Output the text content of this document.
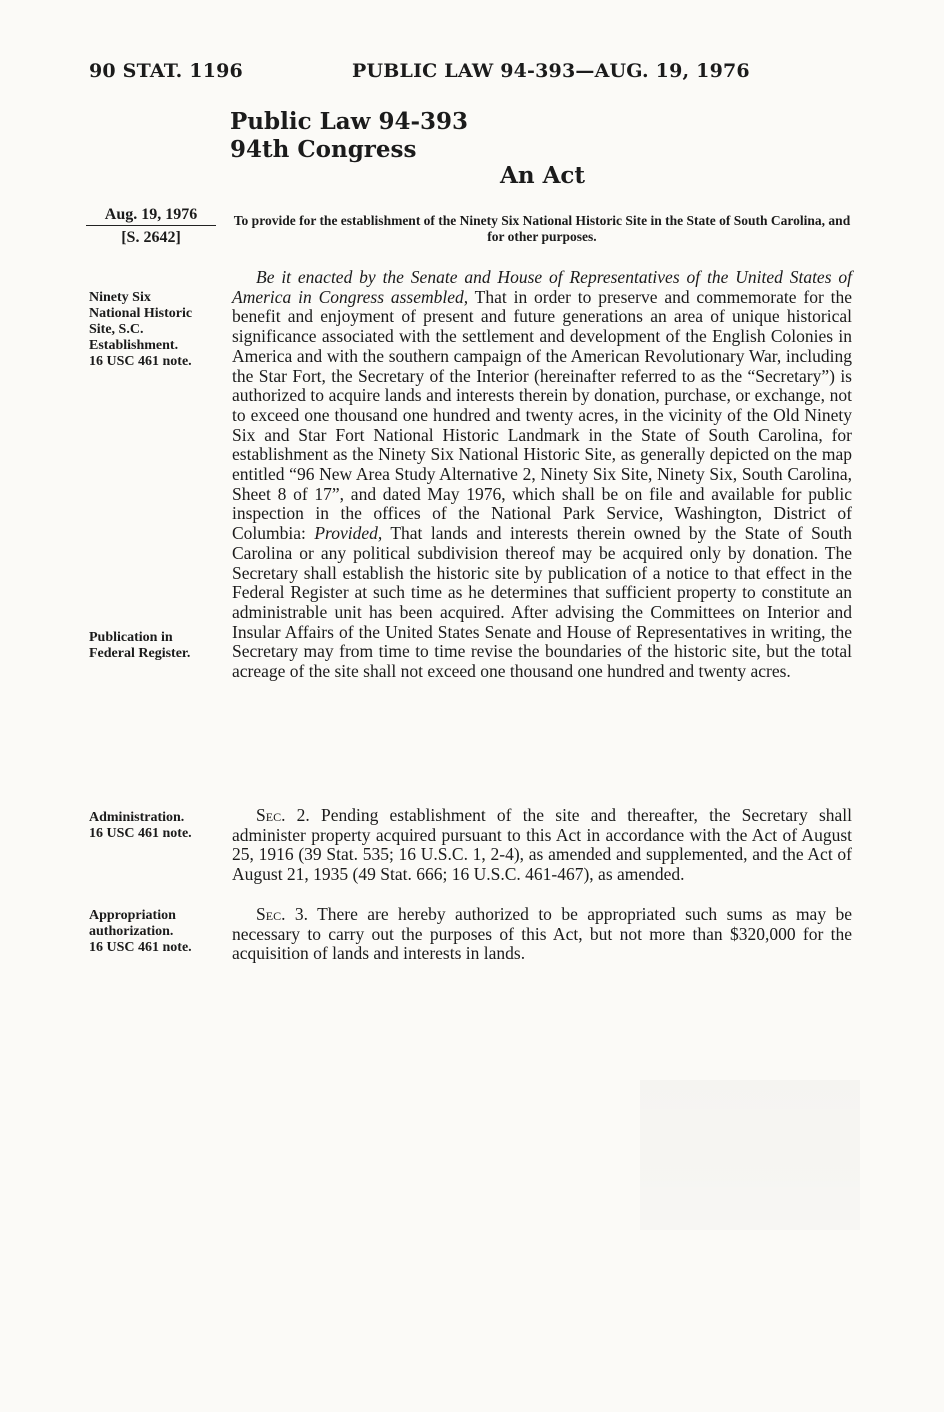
90 STAT. 1196	PUBLIC LAW 94-393—AUG. 19, 1976
Public Law 94-393
94th Congress
An Act
Aug. 19, 1976
[S. 2642]
To provide for the establishment of the Ninety Six National Historic Site in the State of South Carolina, and for other purposes.
Ninety Six
National Historic
Site, S.C.
Establishment.
16 USC 461 note.
Publication in
Federal Register.
Administration.
16 USC 461 note.
Appropriation
authorization.
16 USC 461 note.

Be it enacted by the Senate and House of Representatives of the United States of America in Congress assembled, That in order to preserve and commemorate for the benefit and enjoyment of present and future generations an area of unique historical significance associated with the settlement and development of the English Colonies in America and with the southern campaign of the American Revolutionary War, including the Star Fort, the Secretary of the Interior (hereinafter referred to as the “Secretary”) is authorized to acquire lands and interests therein by donation, purchase, or exchange, not to exceed one thousand one hundred and twenty acres, in the vicinity of the Old Ninety Six and Star Fort National Historic Landmark in the State of South Carolina, for establishment as the Ninety Six National Historic Site, as generally depicted on the map entitled “96 New Area Study Alternative 2, Ninety Six Site, Ninety Six, South Carolina, Sheet 8 of 17”, and dated May 1976, which shall be on file and available for public inspection in the offices of the National Park Service, Washington, District of Columbia: Provided, That lands and interests therein owned by the State of South Carolina or any political subdivision thereof may be acquired only by donation. The Secretary shall establish the historic site by publication of a notice to that effect in the Federal Register at such time as he determines that sufficient property to constitute an administrable unit has been acquired. After advising the Committees on Interior and Insular Affairs of the United States Senate and House of Representatives in writing, the Secretary may from time to time revise the boundaries of the historic site, but the total acreage of the site shall not exceed one thousand one hundred and twenty acres.

Sec. 2. Pending establishment of the site and thereafter, the Secretary shall administer property acquired pursuant to this Act in accordance with the Act of August 25, 1916 (39 Stat. 535; 16 U.S.C. 1, 2-4), as amended and supplemented, and the Act of August 21, 1935 (49 Stat. 666; 16 U.S.C. 461-467), as amended.

Sec. 3. There are hereby authorized to be appropriated such sums as may be necessary to carry out the purposes of this Act, but not more than $320,000 for the acquisition of lands and interests in lands.
